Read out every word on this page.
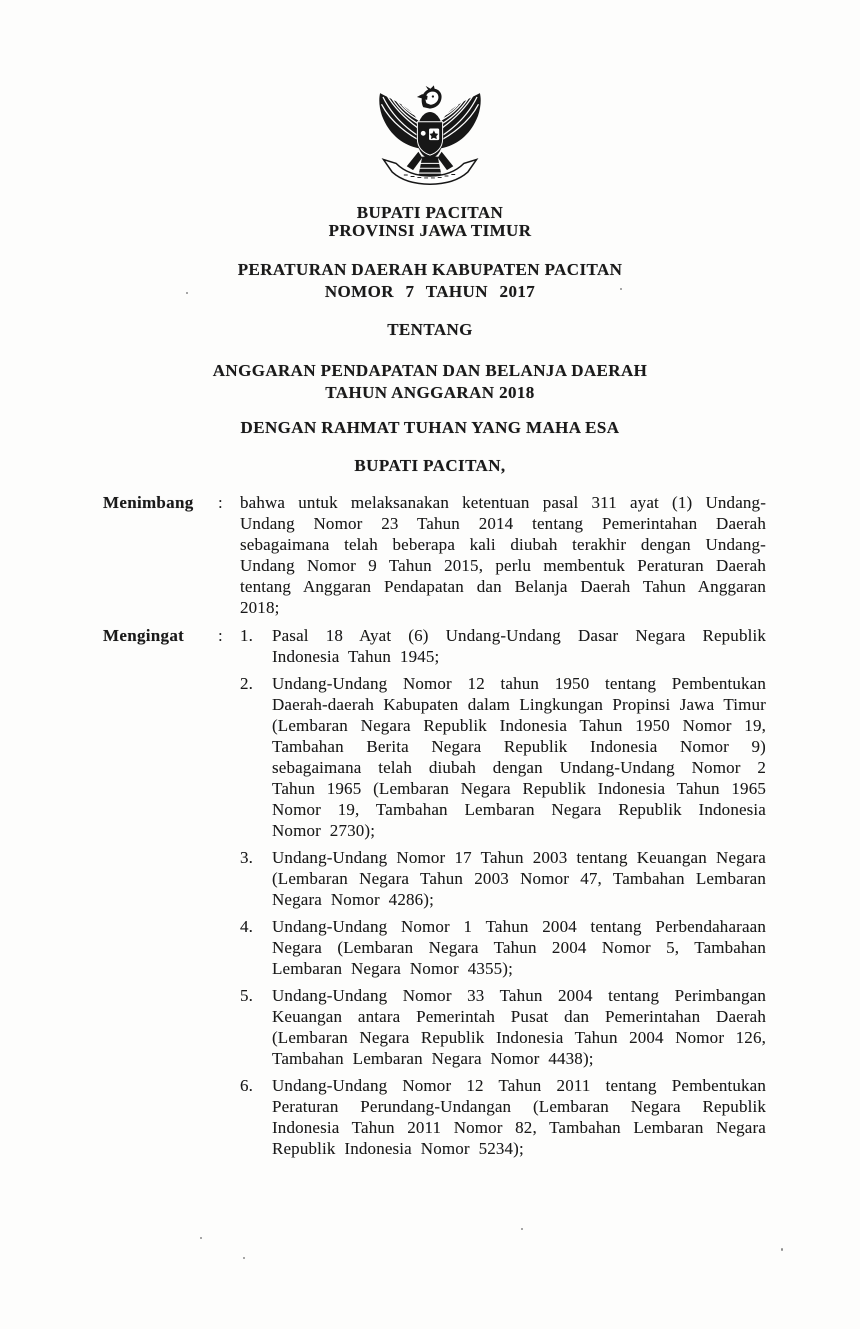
BUPATI PACITAN
PROVINSI JAWA TIMUR
PERATURAN DAERAH KABUPATEN PACITAN
NOMOR 7 TAHUN 2017
TENTANG
ANGGARAN PENDAPATAN DAN BELANJA DAERAH
TAHUN ANGGARAN 2018
DENGAN RAHMAT TUHAN YANG MAHA ESA
BUPATI PACITAN,
Menimbang	:	bahwa untuk melaksanakan ketentuan pasal 311 ayat (1) Undang-Undang Nomor 23 Tahun 2014 tentang Pemerintahan Daerah sebagaimana telah beberapa kali diubah terakhir dengan Undang-Undang Nomor 9 Tahun 2015, perlu membentuk Peraturan Daerah tentang Anggaran Pendapatan dan Belanja Daerah Tahun Anggaran 2018;
Mengingat	:	1.	Pasal 18 Ayat (6) Undang-Undang Dasar Negara Republik Indonesia Tahun 1945;
2.	Undang-Undang Nomor 12 tahun 1950 tentang Pembentukan Daerah-daerah Kabupaten dalam Lingkungan Propinsi Jawa Timur (Lembaran Negara Republik Indonesia Tahun 1950 Nomor 19, Tambahan Berita Negara Republik Indonesia Nomor 9) sebagaimana telah diubah dengan Undang-Undang Nomor 2 Tahun 1965 (Lembaran Negara Republik Indonesia Tahun 1965 Nomor 19, Tambahan Lembaran Negara Republik Indonesia Nomor 2730);
3.	Undang-Undang Nomor 17 Tahun 2003 tentang Keuangan Negara (Lembaran Negara Tahun 2003 Nomor 47, Tambahan Lembaran Negara Nomor 4286);
4.	Undang-Undang Nomor 1 Tahun 2004 tentang Perbendaharaan Negara (Lembaran Negara Tahun 2004 Nomor 5, Tambahan Lembaran Negara Nomor 4355);
5.	Undang-Undang Nomor 33 Tahun 2004 tentang Perimbangan Keuangan antara Pemerintah Pusat dan Pemerintahan Daerah (Lembaran Negara Republik Indonesia Tahun 2004 Nomor 126, Tambahan Lembaran Negara Nomor 4438);
6.	Undang-Undang Nomor 12 Tahun 2011 tentang Pembentukan Peraturan Perundang-Undangan (Lembaran Negara Republik Indonesia Tahun 2011 Nomor 82, Tambahan Lembaran Negara Republik Indonesia Nomor 5234);
